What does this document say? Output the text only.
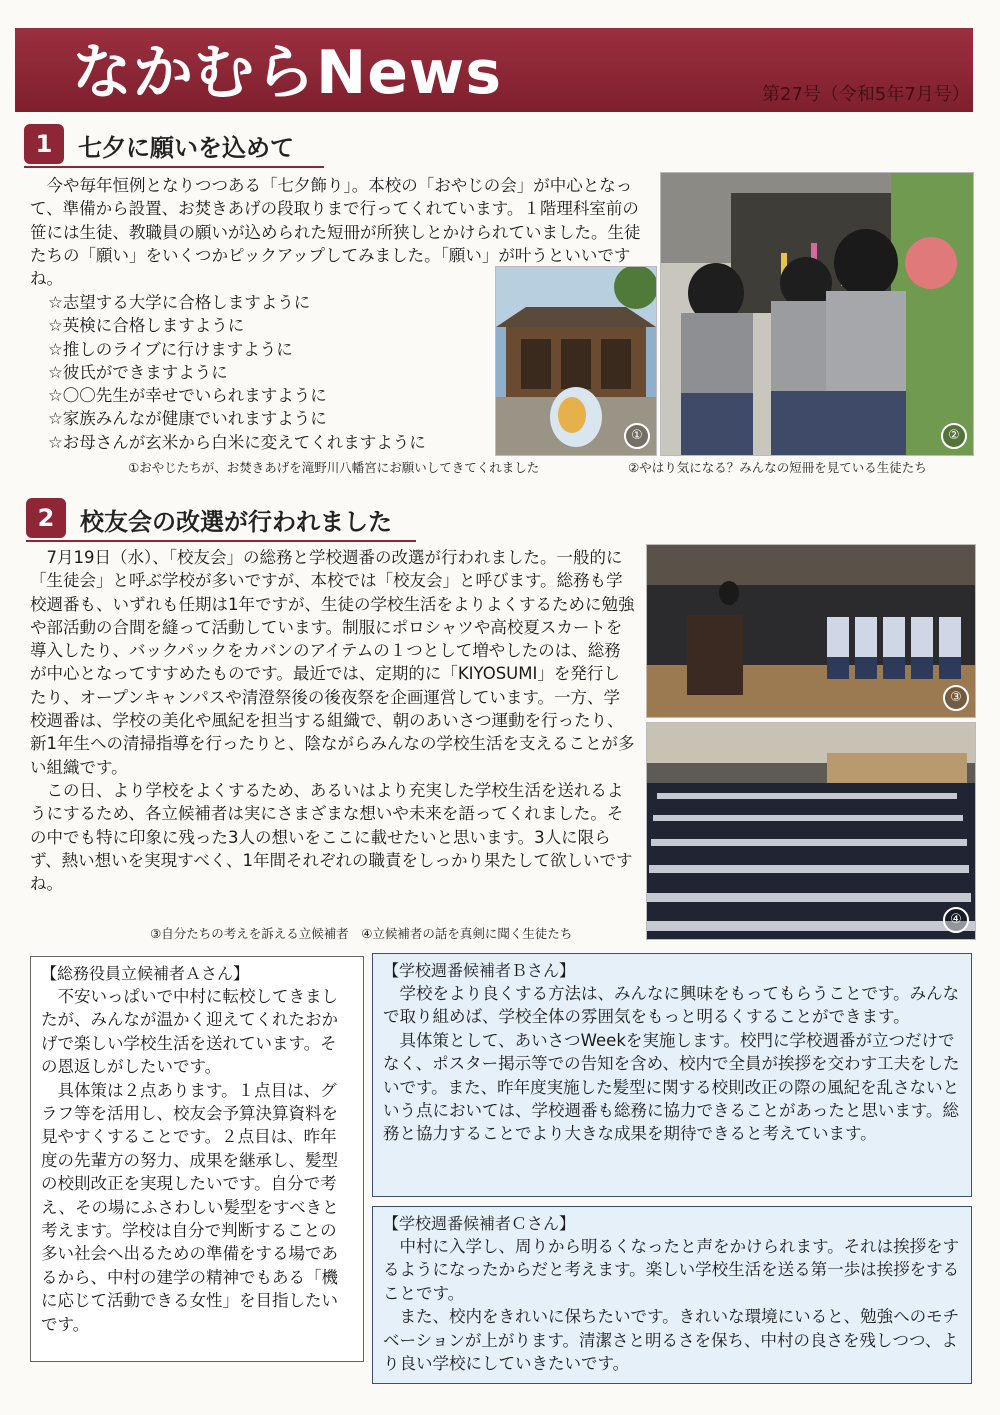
なかむらNews	第27号（令和5年7月号）
1	七夕に願いを込めて

今や毎年恒例となりつつある「七夕飾り」。本校の「おやじの会」が中心となって、準備から設置、お焚きあげの段取りまで行ってくれています。１階理科室前の笹には生徒、教職員の願いが込められた短冊が所狭しとかけられていました。生徒たちの「願い」をいくつかピックアップしてみました。「願い」が叶うといいですね。

☆志望する大学に合格しますように
☆英検に合格しますように
☆推しのライブに行けますように
☆彼氏ができますように
☆〇〇先生が幸せでいられますように
☆家族みんなが健康でいれますように
☆お母さんが玄米から白米に変えてくれますように	①	②
①おやじたちが、お焚きあげを滝野川八幡宮にお願いしてきてくれました	②やはり気になる？みんなの短冊を見ている生徒たち
2	校友会の改選が行われました

7月19日（水）、「校友会」の総務と学校週番の改選が行われました。一般的に「生徒会」と呼ぶ学校が多いですが、本校では「校友会」と呼びます。総務も学校週番も、いずれも任期は1年ですが、生徒の学校生活をよりよくするために勉強や部活動の合間を縫って活動しています。制服にポロシャツや高校夏スカートを導入したり、バックパックをカバンのアイテムの１つとして増やしたのは、総務が中心となってすすめたものです。最近では、定期的に「KIYOSUMI」を発行したり、オープンキャンパスや清澄祭後の後夜祭を企画運営しています。一方、学校週番は、学校の美化や風紀を担当する組織で、朝のあいさつ運動を行ったり、新1年生への清掃指導を行ったりと、陰ながらみんなの学校生活を支えることが多い組織です。

この日、より学校をよくするため、あるいはより充実した学校生活を送れるようにするため、各立候補者は実にさまざまな想いや未来を語ってくれました。その中でも特に印象に残った3人の想いをここに載せたいと思います。3人に限らず、熱い想いを実現すべく、1年間それぞれの職責をしっかり果たして欲しいですね。

③
④
③自分たちの考えを訴える立候補者　④立候補者の話を真剣に聞く生徒たち
【総務役員立候補者Ａさん】

不安いっぱいで中村に転校してきましたが、みんなが温かく迎えてくれたおかげで楽しい学校生活を送れています。その恩返しがしたいです。

具体策は２点あります。１点目は、グラフ等を活用し、校友会予算決算資料を見やすくすることです。２点目は、昨年度の先輩方の努力、成果を継承し、髪型の校則改正を実現したいです。自分で考え、その場にふさわしい髪型をすべきと考えます。学校は自分で判断することの多い社会へ出るための準備をする場であるから、中村の建学の精神でもある「機に応じて活動できる女性」を目指したいです。

【学校週番候補者Ｂさん】

学校をより良くする方法は、みんなに興味をもってもらうことです。みんなで取り組めば、学校全体の雰囲気をもっと明るくすることができます。

具体策として、あいさつWeekを実施します。校門に学校週番が立つだけでなく、ポスター掲示等での告知を含め、校内で全員が挨拶を交わす工夫をしたいです。また、昨年度実施した髪型に関する校則改正の際の風紀を乱さないという点においては、学校週番も総務に協力できることがあったと思います。総務と協力することでより大きな成果を期待できると考えています。

【学校週番候補者Ｃさん】

中村に入学し、周りから明るくなったと声をかけられます。それは挨拶をするようになったからだと考えます。楽しい学校生活を送る第一歩は挨拶をすることです。

また、校内をきれいに保ちたいです。きれいな環境にいると、勉強へのモチベーションが上がります。清潔さと明るさを保ち、中村の良さを残しつつ、より良い学校にしていきたいです。
